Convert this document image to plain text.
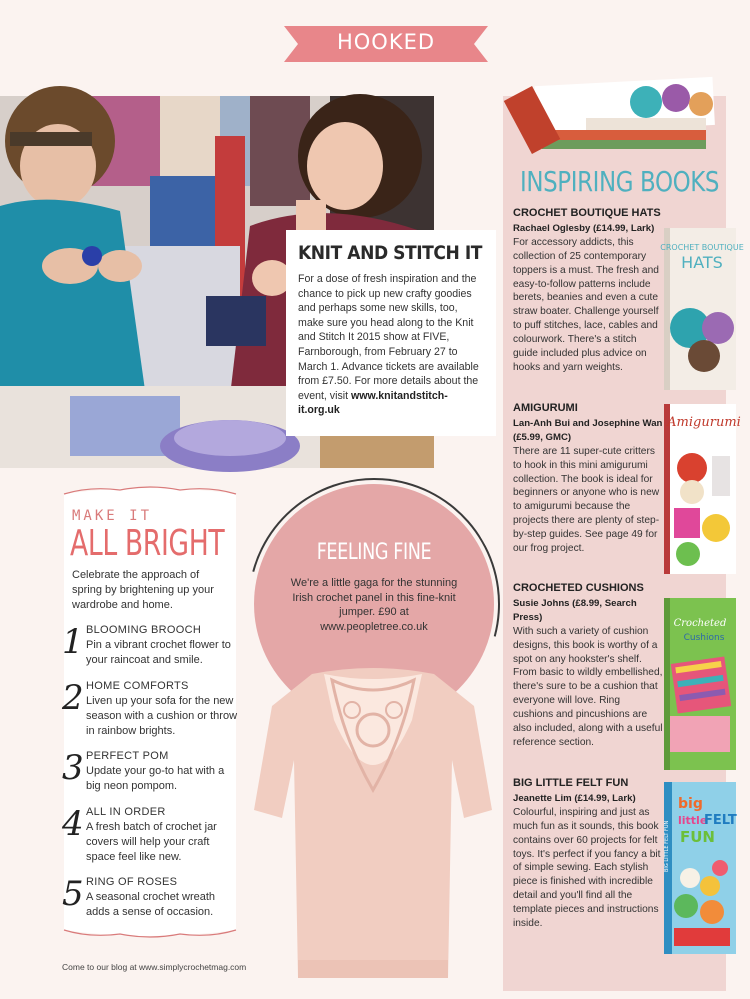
HOOKED
KNIT AND STITCH IT
For a dose of fresh inspiration and the chance to pick up new crafty goodies and perhaps some new skills, too, make sure you head along to the Knit and Stitch It 2015 show at FIVE, Farnborough, from February 27 to March 1. Advance tickets are available from £7.50. For more details about the event, visit www.knitandstitch-it.org.uk
INSPIRING BOOKS
CROCHET BOUTIQUE HATS
Rachael Oglesby (£14.99, Lark)
For accessory addicts, this collection of 25 contemporary toppers is a must. The fresh and easy-to-follow patterns include berets, beanies and even a cute straw boater. Challenge yourself to puff stitches, lace, cables and colourwork. There's a stitch guide included plus advice on hooks and yarn weights.
CROCHET BOUTIQUE
HATS
AMIGURUMI
Lan-Anh Bui and Josephine Wan (£5.99, GMC)
There are 11 super-cute critters to hook in this mini amigurumi collection. The book is ideal for beginners or anyone who is new to amigurumi because the projects there are plenty of step-by-step guides. See page 49 for our frog project.
Amigurumi
CROCHETED CUSHIONS
Susie Johns (£8.99, Search Press)
With such a variety of cushion designs, this book is worthy of a spot on any hookster's shelf. From basic to wildly embellished, there's sure to be a cushion that everyone will love. Ring cushions and pincushions are also included, along with a useful reference section.
Crocheted
Cushions
BIG LITTLE FELT FUN
Jeanette Lim (£14.99, Lark)
Colourful, inspiring and just as much fun as it sounds, this book contains over 60 projects for felt toys. It's perfect if you fancy a bit of simple sewing. Each stylish piece is finished with incredible detail and you'll find all the template pieces and instructions inside.
big
little
FELT
FUN
BIG LITTLE FELT FUN
MAKE IT
ALL BRIGHT
Celebrate the approach of spring by brightening up your wardrobe and home.
1 BLOOMING BROOCH
Pin a vibrant crochet flower to your raincoat and smile.
2 HOME COMFORTS
Liven up your sofa for the new season with a cushion or throw in rainbow brights.
3 PERFECT POM
Update your go-to hat with a big neon pompom.
4 ALL IN ORDER
A fresh batch of crochet jar covers will help your craft space feel like new.
5 RING OF ROSES
A seasonal crochet wreath adds a sense of occasion.
FEELING FINE
We're a little gaga for the stunning Irish crochet panel in this fine-knit jumper. £90 at www.peopletree.co.uk
Come to our blog at www.simplycrochetmag.com
